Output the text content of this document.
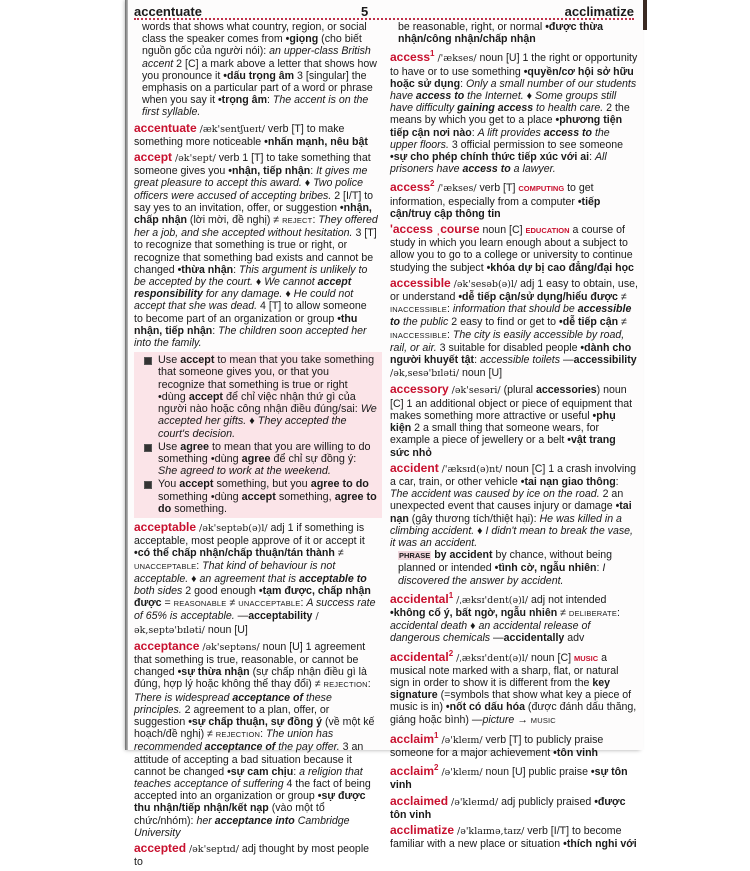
accentuate	5	acclimatize

words that shows what country, region, or social class the speaker comes from •giọng (cho biết nguồn gốc của người nói): an upper-class British accent 2 [C] a mark above a letter that shows how you pronounce it •dấu trọng âm 3 [singular] the emphasis on a particular part of a word or phrase when you say it •trọng âm: The accent is on the first syllable.

accentuate /æk'sentʃueɪt/ verb [T] to make something more noticeable •nhấn mạnh, nêu bật

accept /ək'sept/ verb 1 [T] to take something that someone gives you •nhận, tiếp nhận: It gives me great pleasure to accept this award. ♦ Two police officers were accused of accepting bribes. 2 [I/T] to say yes to an invitation, offer, or suggestion •nhận, chấp nhận (lời mời, đề nghị) ≠ REJECT: They offered her a job, and she accepted without hesitation. 3 [T] to recognize that something is true or right, or recognize that something bad exists and cannot be changed •thừa nhận: This argument is unlikely to be accepted by the court. ♦ We cannot accept responsibility for any damage. ♦ He could not accept that she was dead. 4 [T] to allow someone to become part of an organization or group •thu nhận, tiếp nhận: The children soon accepted her into the family.

Use accept to mean that you take something that someone gives you, or that you recognize that something is true or right •dùng accept để chỉ việc nhận thứ gì của người nào hoặc công nhận điều đúng/sai: We accepted her gifts. ♦ They accepted the court's decision.
Use agree to mean that you are willing to do something •dùng agree để chỉ sự đồng ý: She agreed to work at the weekend.
You accept something, but you agree to do something •dùng accept something, agree to do something.

acceptable /ək'septəb(ə)l/ adj 1 if something is acceptable, most people approve of it or accept it •có thể chấp nhận/chấp thuận/tán thành ≠ UNACCEPTABLE: That kind of behaviour is not acceptable. ♦ an agreement that is acceptable to both sides 2 good enough •tạm được, chấp nhận được = REASONABLE ≠ UNACCEPTABLE: A success rate of 65% is acceptable. —acceptability /ək,septə'bɪləti/ noun [U]

acceptance /ək'septəns/ noun [U] 1 agreement that something is true, reasonable, or cannot be changed •sự thừa nhận (sự chấp nhận điều gì là đúng, hợp lý hoặc không thể thay đổi) ≠ REJECTION: There is widespread acceptance of these principles. 2 agreement to a plan, offer, or suggestion •sự chấp thuận, sự đồng ý (về một kế hoạch/đề nghị) ≠ REJECTION: The union has recommended acceptance of the pay offer. 3 an attitude of accepting a bad situation because it cannot be changed •sự cam chịu: a religion that teaches acceptance of suffering 4 the fact of being accepted into an organization or group •sự được thu nhận/tiếp nhận/kết nạp (vào một tổ chức/nhóm): her acceptance into Cambridge University

accepted /ək'septɪd/ adj thought by most people to

be reasonable, right, or normal •được thừa nhận/công nhận/chấp nhận

access$^1$ /'ækses/ noun [U] 1 the right or opportunity to have or to use something •quyền/cơ hội sở hữu hoặc sử dụng: Only a small number of our students have access to the Internet. ♦ Some groups still have difficulty gaining access to health care. 2 the means by which you get to a place •phương tiện tiếp cận nơi nào: A lift provides access to the upper floors. 3 official permission to see someone •sự cho phép chính thức tiếp xúc với ai: All prisoners have access to a lawyer.

access$^2$ /'ækses/ verb [T] COMPUTING to get information, especially from a computer •tiếp cận/truy cập thông tin

'access ˌcourse noun [C] EDUCATION a course of study in which you learn enough about a subject to allow you to go to a college or university to continue studying the subject •khóa dự bị cao đẳng/đại học

accessible /ək'sesəb(ə)l/ adj 1 easy to obtain, use, or understand •dễ tiếp cận/sử dụng/hiểu được ≠ INACCESSIBLE: information that should be accessible to the public 2 easy to find or get to •dễ tiếp cận ≠ INACCESSIBLE: The city is easily accessible by road, rail, or air. 3 suitable for disabled people •dành cho người khuyết tật: accessible toilets —accessibility /ək,sesə'bɪləti/ noun [U]

accessory /ək'sesəri/ (plural accessories) noun [C] 1 an additional object or piece of equipment that makes something more attractive or useful •phụ kiện 2 a small thing that someone wears, for example a piece of jewellery or a belt •vật trang sức nhỏ

accident /'æksɪd(ə)nt/ noun [C] 1 a crash involving a car, train, or other vehicle •tai nạn giao thông: The accident was caused by ice on the road. 2 an unexpected event that causes injury or damage •tai nạn (gây thương tích/thiệt hại): He was killed in a climbing accident. ♦ I didn't mean to break the vase, it was an accident.

PHRASE by accident by chance, without being planned or intended •tình cờ, ngẫu nhiên: I discovered the answer by accident.

accidental$^1$ /ˌæksɪ'dent(ə)l/ adj not intended •không cố ý, bất ngờ, ngẫu nhiên ≠ DELIBERATE: accidental death ♦ an accidental release of dangerous chemicals —accidentally adv

accidental$^2$ /ˌæksɪ'dent(ə)l/ noun [C] MUSIC a musical note marked with a sharp, flat, or natural sign in order to show it is different from the key signature (=symbols that show what key a piece of music is in) •nốt có dấu hóa (được đánh dấu thăng, giáng hoặc bình) —picture → MUSIC

acclaim$^1$ /ə'kleɪm/ verb [T] to publicly praise someone for a major achievement •tôn vinh

acclaim$^2$ /ə'kleɪm/ noun [U] public praise •sự tôn vinh

acclaimed /ə'kleɪmd/ adj publicly praised •được tôn vinh

acclimatize /ə'klaɪmə,taɪz/ verb [I/T] to become familiar with a new place or situation •thích nghi với
